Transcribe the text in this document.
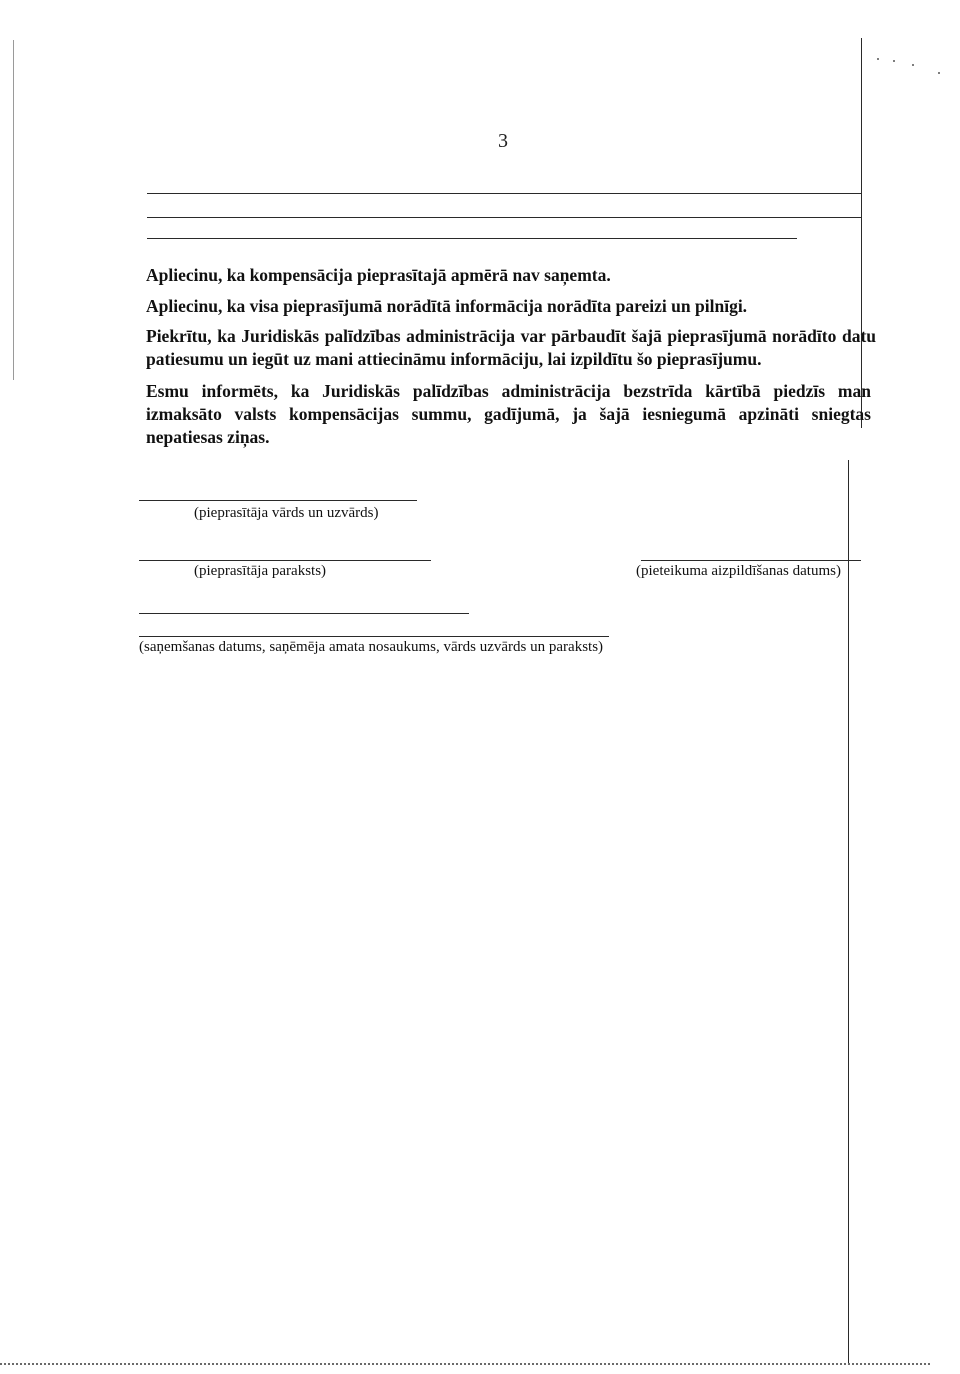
3

Apliecinu, ka kompensācija pieprasītajā apmērā nav saņemta.

Apliecinu, ka visa pieprasījumā norādītā informācija norādīta pareizi un pilnīgi.

Piekrītu, ka Juridiskās palīdzības administrācija var pārbaudīt šajā pieprasījumā norādīto datu patiesumu un iegūt uz mani attiecināmu informāciju, lai izpildītu šo pieprasījumu.

Esmu informēts, ka Juridiskās palīdzības administrācija bezstrīda kārtībā piedzīs man izmaksāto valsts kompensācijas summu, gadījumā, ja šajā iesniegumā apzināti sniegtas nepatiesas ziņas.

(pieprasītāja vārds un uzvārds)
(pieprasītāja paraksts)	(pieteikuma aizpildīšanas datums)
(saņemšanas datums, saņēmēja amata nosaukums, vārds uzvārds un paraksts)
